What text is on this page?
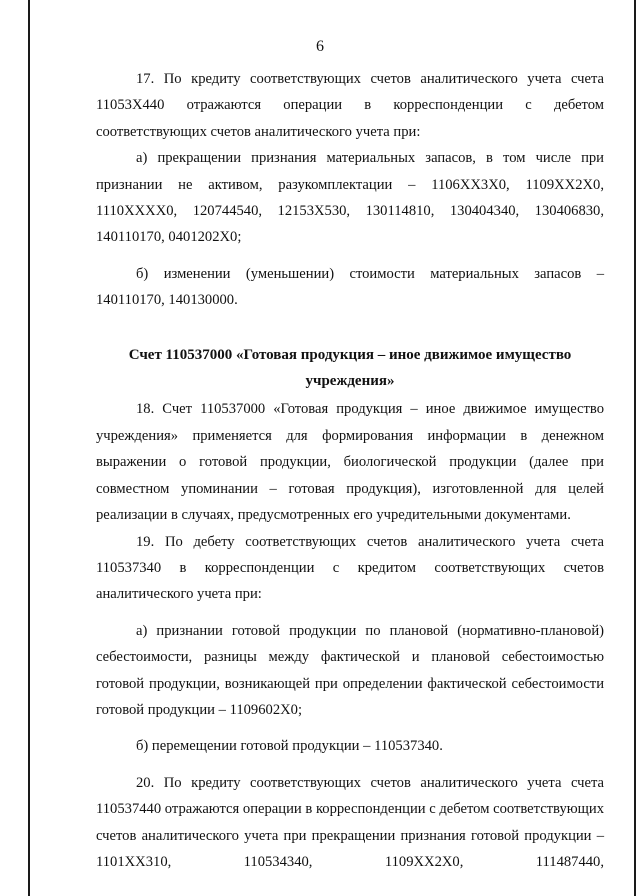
6

17. По кредиту соответствующих счетов аналитического учета счета 11053Х440 отражаются операции в корреспонденции с дебетом соответствующих счетов аналитического учета при:

а) прекращении признания материальных запасов, в том числе при признании не активом, разукомплектации – 1106ХХ3Х0, 1109ХХ2Х0, 1110ХХХХ0, 120744540, 12153Х530, 130114810, 130404340, 130406830, 140110170, 0401202Х0;

б) изменении (уменьшении) стоимости материальных запасов – 140110170, 140130000.

Счет 110537000 «Готовая продукция – иное движимое имущество учреждения»

18. Счет 110537000 «Готовая продукция – иное движимое имущество учреждения» применяется для формирования информации в денежном выражении о готовой продукции, биологической продукции (далее при совместном упоминании – готовая продукция), изготовленной для целей реализации в случаях, предусмотренных его учредительными документами.

19. По дебету соответствующих счетов аналитического учета счета 110537340 в корреспонденции с кредитом соответствующих счетов аналитического учета при:

а) признании готовой продукции по плановой (нормативно-плановой) себестоимости, разницы между фактической и плановой себестоимостью готовой продукции, возникающей при определении фактической себестоимости готовой продукции – 1109602Х0;

б) перемещении готовой продукции – 110537340.

20. По кредиту соответствующих счетов аналитического учета счета 110537440 отражаются операции в корреспонденции с дебетом соответствующих счетов аналитического учета при прекращении признания готовой продукции – 1101ХХ310, 110534340, 1109ХХ2Х0, 111487440,
